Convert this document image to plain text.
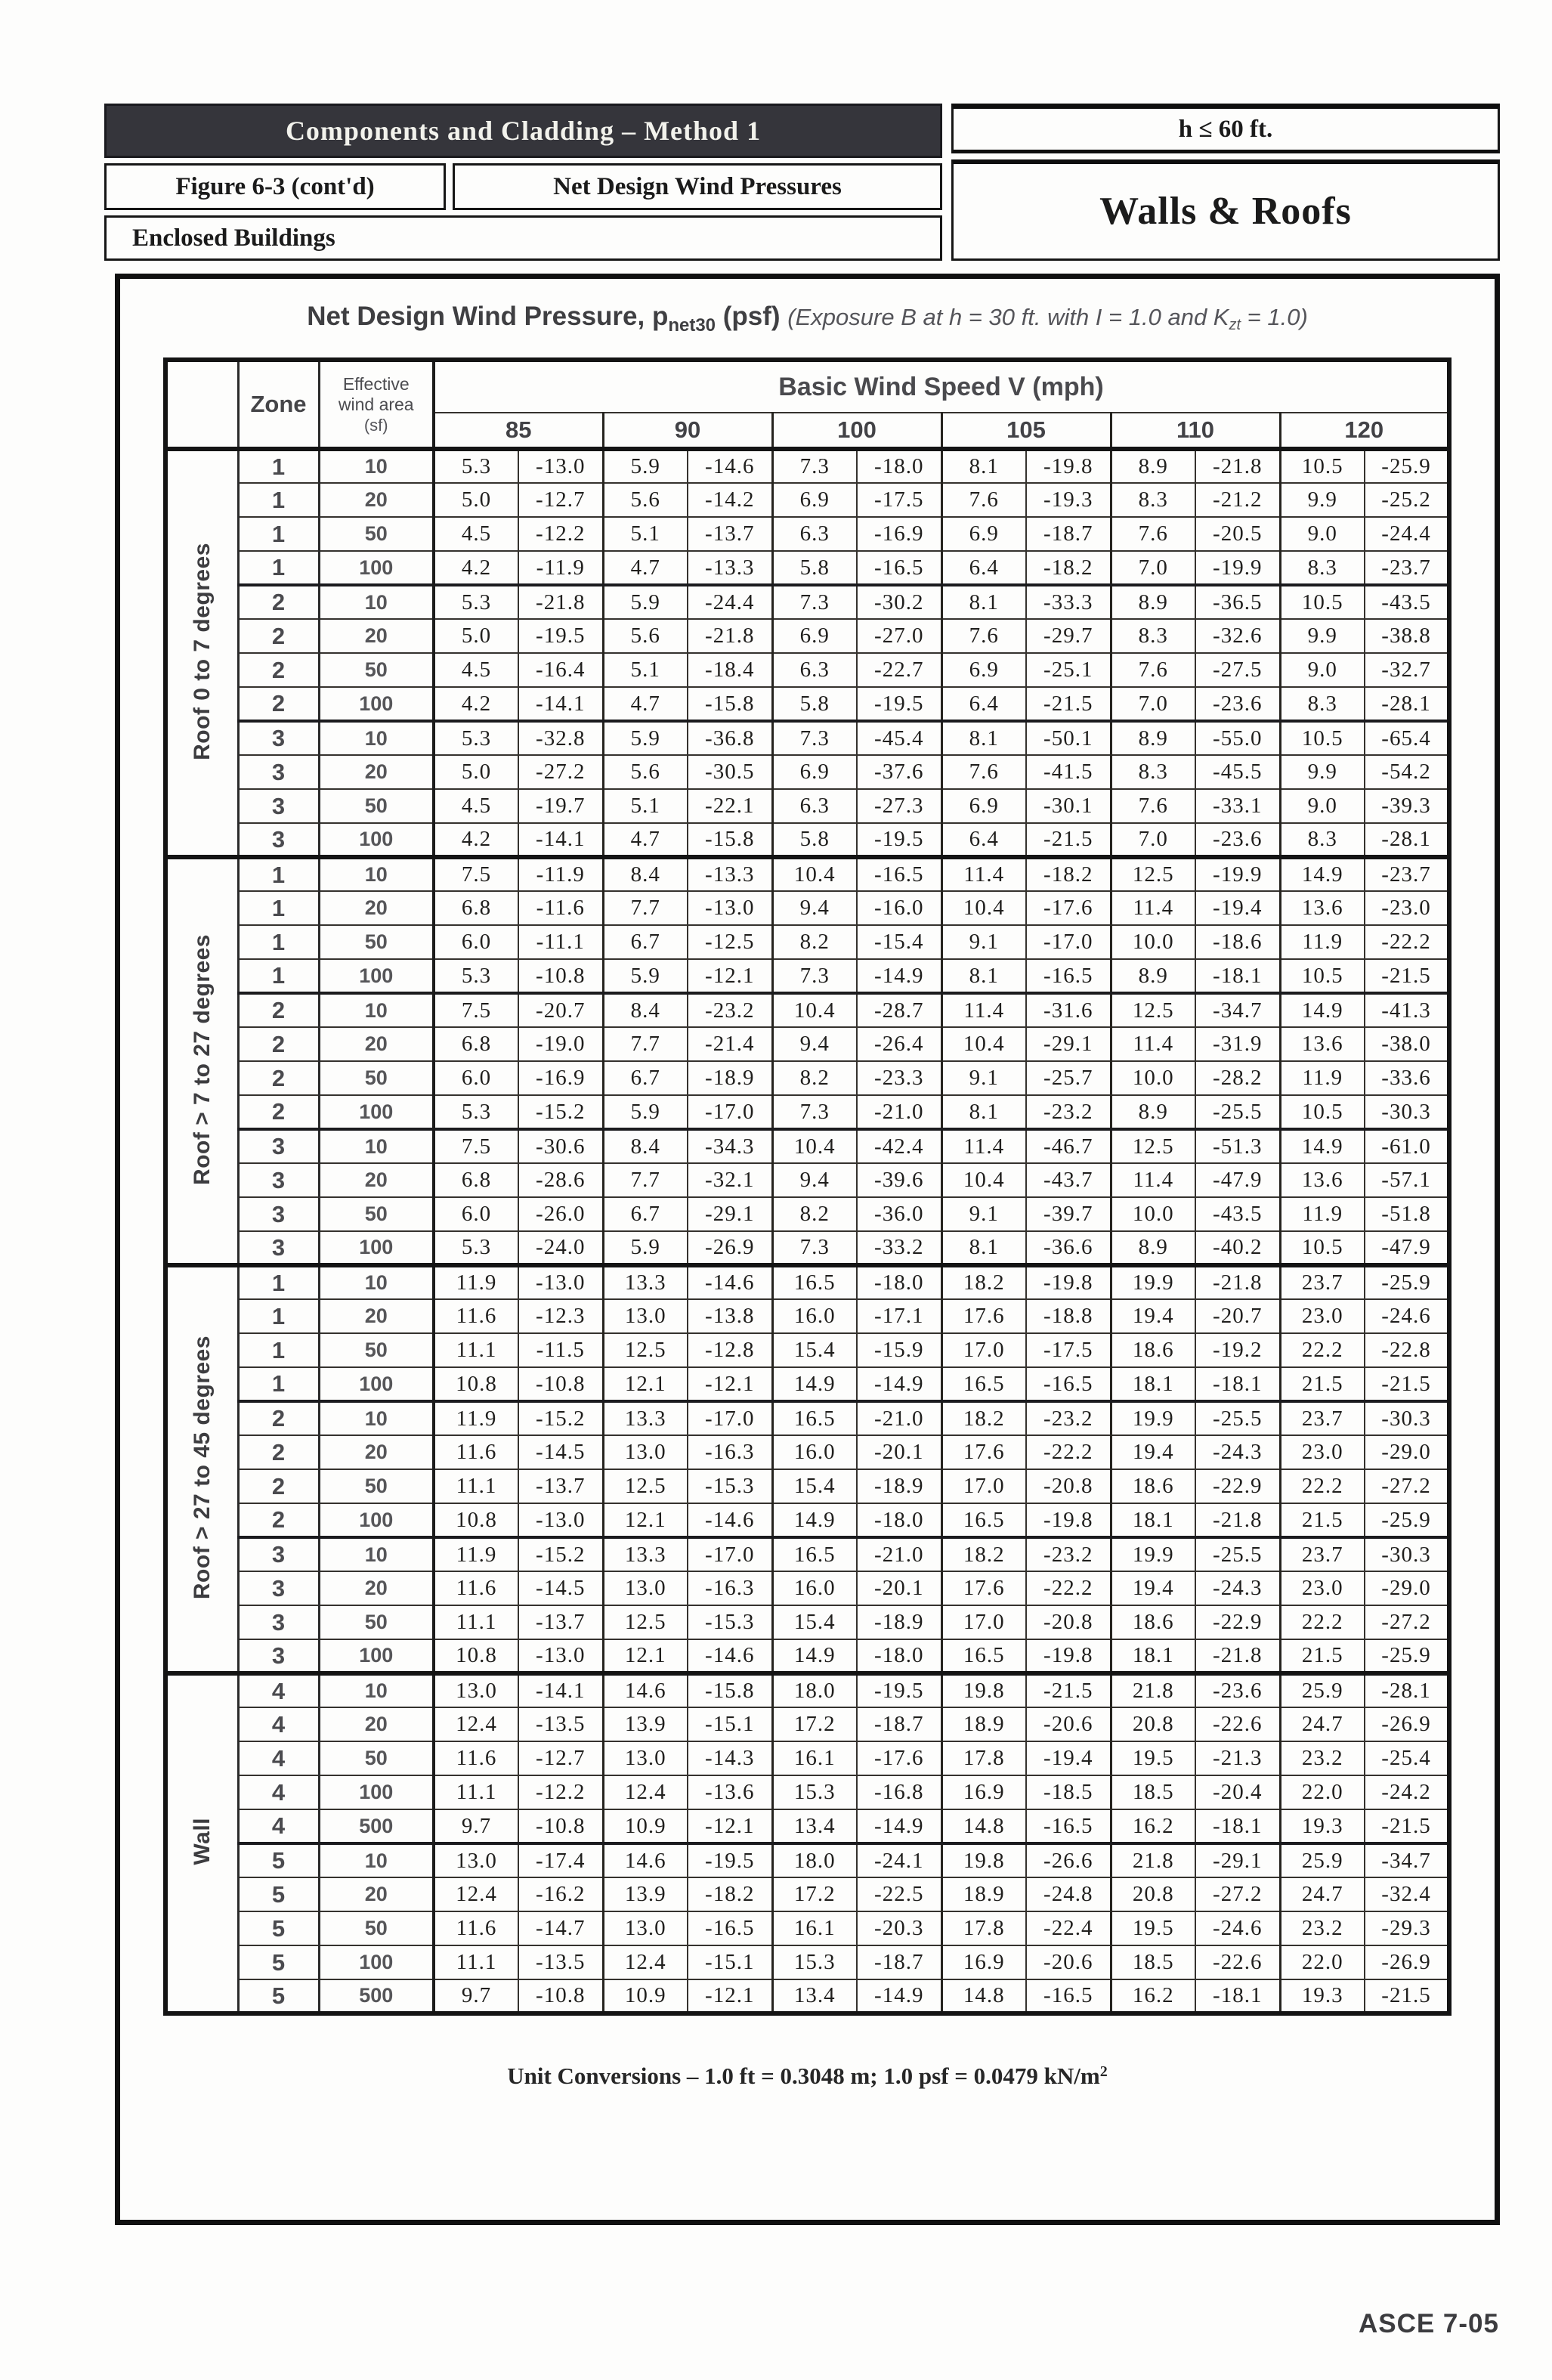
Components and Cladding – Method 1
Figure 6-3 (cont'd)	Net Design Wind Pressures
Enclosed Buildings
h ≤ 60 ft.
Walls & Roofs
Net Design Wind Pressure, $p_{net30}$ (psf) (Exposure B at h = 30 ft. with I = 1.0 and $K_{zt} = 1.0$)
	Zone	Effective
wind area
(sf)	Basic Wind Speed V (mph)											
			85		90		100		105		110		120	
Roof 0 to 7 degrees	1	10	5.3	-13.0	5.9	-14.6	7.3	-18.0	8.1	-19.8	8.9	-21.8	10.5	-25.9
	1	20	5.0	-12.7	5.6	-14.2	6.9	-17.5	7.6	-19.3	8.3	-21.2	9.9	-25.2
	1	50	4.5	-12.2	5.1	-13.7	6.3	-16.9	6.9	-18.7	7.6	-20.5	9.0	-24.4
	1	100	4.2	-11.9	4.7	-13.3	5.8	-16.5	6.4	-18.2	7.0	-19.9	8.3	-23.7
	2	10	5.3	-21.8	5.9	-24.4	7.3	-30.2	8.1	-33.3	8.9	-36.5	10.5	-43.5
	2	20	5.0	-19.5	5.6	-21.8	6.9	-27.0	7.6	-29.7	8.3	-32.6	9.9	-38.8
	2	50	4.5	-16.4	5.1	-18.4	6.3	-22.7	6.9	-25.1	7.6	-27.5	9.0	-32.7
	2	100	4.2	-14.1	4.7	-15.8	5.8	-19.5	6.4	-21.5	7.0	-23.6	8.3	-28.1
	3	10	5.3	-32.8	5.9	-36.8	7.3	-45.4	8.1	-50.1	8.9	-55.0	10.5	-65.4
	3	20	5.0	-27.2	5.6	-30.5	6.9	-37.6	7.6	-41.5	8.3	-45.5	9.9	-54.2
	3	50	4.5	-19.7	5.1	-22.1	6.3	-27.3	6.9	-30.1	7.6	-33.1	9.0	-39.3
	3	100	4.2	-14.1	4.7	-15.8	5.8	-19.5	6.4	-21.5	7.0	-23.6	8.3	-28.1
Roof > 7 to 27 degrees	1	10	7.5	-11.9	8.4	-13.3	10.4	-16.5	11.4	-18.2	12.5	-19.9	14.9	-23.7
	1	20	6.8	-11.6	7.7	-13.0	9.4	-16.0	10.4	-17.6	11.4	-19.4	13.6	-23.0
	1	50	6.0	-11.1	6.7	-12.5	8.2	-15.4	9.1	-17.0	10.0	-18.6	11.9	-22.2
	1	100	5.3	-10.8	5.9	-12.1	7.3	-14.9	8.1	-16.5	8.9	-18.1	10.5	-21.5
	2	10	7.5	-20.7	8.4	-23.2	10.4	-28.7	11.4	-31.6	12.5	-34.7	14.9	-41.3
	2	20	6.8	-19.0	7.7	-21.4	9.4	-26.4	10.4	-29.1	11.4	-31.9	13.6	-38.0
	2	50	6.0	-16.9	6.7	-18.9	8.2	-23.3	9.1	-25.7	10.0	-28.2	11.9	-33.6
	2	100	5.3	-15.2	5.9	-17.0	7.3	-21.0	8.1	-23.2	8.9	-25.5	10.5	-30.3
	3	10	7.5	-30.6	8.4	-34.3	10.4	-42.4	11.4	-46.7	12.5	-51.3	14.9	-61.0
	3	20	6.8	-28.6	7.7	-32.1	9.4	-39.6	10.4	-43.7	11.4	-47.9	13.6	-57.1
	3	50	6.0	-26.0	6.7	-29.1	8.2	-36.0	9.1	-39.7	10.0	-43.5	11.9	-51.8
	3	100	5.3	-24.0	5.9	-26.9	7.3	-33.2	8.1	-36.6	8.9	-40.2	10.5	-47.9
Roof > 27 to 45 degrees	1	10	11.9	-13.0	13.3	-14.6	16.5	-18.0	18.2	-19.8	19.9	-21.8	23.7	-25.9
	1	20	11.6	-12.3	13.0	-13.8	16.0	-17.1	17.6	-18.8	19.4	-20.7	23.0	-24.6
	1	50	11.1	-11.5	12.5	-12.8	15.4	-15.9	17.0	-17.5	18.6	-19.2	22.2	-22.8
	1	100	10.8	-10.8	12.1	-12.1	14.9	-14.9	16.5	-16.5	18.1	-18.1	21.5	-21.5
	2	10	11.9	-15.2	13.3	-17.0	16.5	-21.0	18.2	-23.2	19.9	-25.5	23.7	-30.3
	2	20	11.6	-14.5	13.0	-16.3	16.0	-20.1	17.6	-22.2	19.4	-24.3	23.0	-29.0
	2	50	11.1	-13.7	12.5	-15.3	15.4	-18.9	17.0	-20.8	18.6	-22.9	22.2	-27.2
	2	100	10.8	-13.0	12.1	-14.6	14.9	-18.0	16.5	-19.8	18.1	-21.8	21.5	-25.9
	3	10	11.9	-15.2	13.3	-17.0	16.5	-21.0	18.2	-23.2	19.9	-25.5	23.7	-30.3
	3	20	11.6	-14.5	13.0	-16.3	16.0	-20.1	17.6	-22.2	19.4	-24.3	23.0	-29.0
	3	50	11.1	-13.7	12.5	-15.3	15.4	-18.9	17.0	-20.8	18.6	-22.9	22.2	-27.2
	3	100	10.8	-13.0	12.1	-14.6	14.9	-18.0	16.5	-19.8	18.1	-21.8	21.5	-25.9
Wall	4	10	13.0	-14.1	14.6	-15.8	18.0	-19.5	19.8	-21.5	21.8	-23.6	25.9	-28.1
	4	20	12.4	-13.5	13.9	-15.1	17.2	-18.7	18.9	-20.6	20.8	-22.6	24.7	-26.9
	4	50	11.6	-12.7	13.0	-14.3	16.1	-17.6	17.8	-19.4	19.5	-21.3	23.2	-25.4
	4	100	11.1	-12.2	12.4	-13.6	15.3	-16.8	16.9	-18.5	18.5	-20.4	22.0	-24.2
	4	500	9.7	-10.8	10.9	-12.1	13.4	-14.9	14.8	-16.5	16.2	-18.1	19.3	-21.5
	5	10	13.0	-17.4	14.6	-19.5	18.0	-24.1	19.8	-26.6	21.8	-29.1	25.9	-34.7
	5	20	12.4	-16.2	13.9	-18.2	17.2	-22.5	18.9	-24.8	20.8	-27.2	24.7	-32.4
	5	50	11.6	-14.7	13.0	-16.5	16.1	-20.3	17.8	-22.4	19.5	-24.6	23.2	-29.3
	5	100	11.1	-13.5	12.4	-15.1	15.3	-18.7	16.9	-20.6	18.5	-22.6	22.0	-26.9
	5	500	9.7	-10.8	10.9	-12.1	13.4	-14.9	14.8	-16.5	16.2	-18.1	19.3	-21.5
Unit Conversions – 1.0 ft = 0.3048 m; 1.0 psf = 0.0479 $kN/m^2$
ASCE 7-05
